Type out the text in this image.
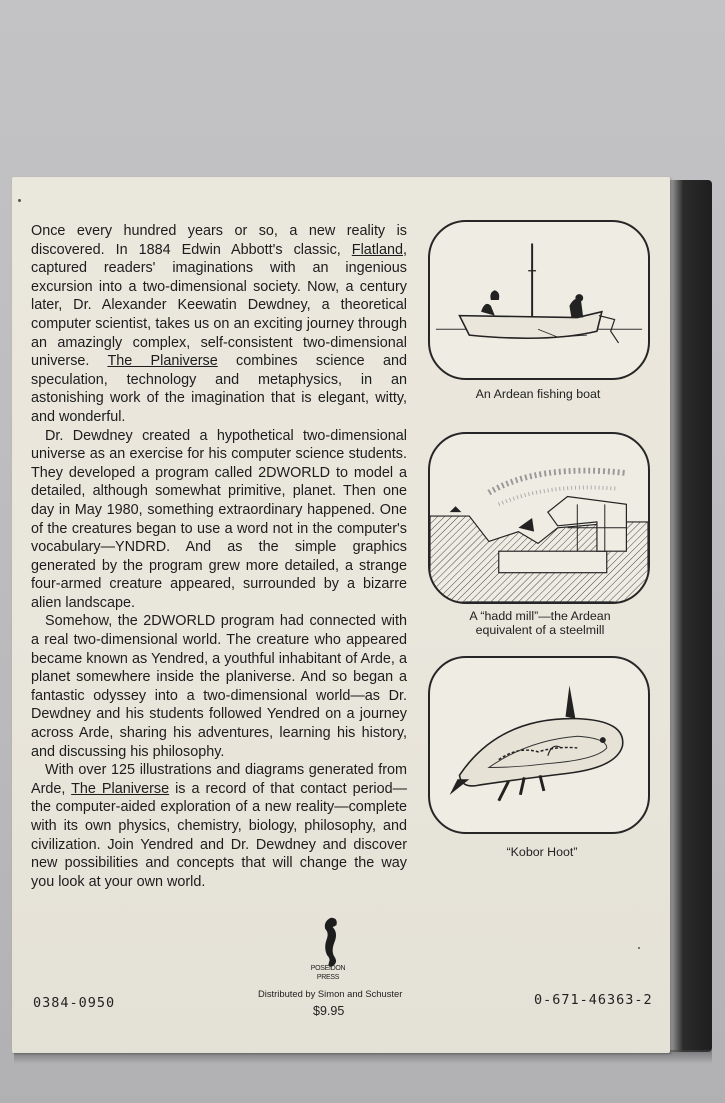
Once every hundred years or so, a new reality is discovered. In 1884 Edwin Abbott's classic, Flatland, captured readers' imaginations with an ingenious excursion into a two-dimensional society. Now, a century later, Dr. Alexander Keewatin Dewdney, a theoretical computer scientist, takes us on an exciting journey through an amazingly complex, self-consistent two-dimensional universe. The Planiverse combines science and speculation, technology and metaphysics, in an astonishing work of the imagination that is elegant, witty, and wonderful.

Dr. Dewdney created a hypothetical two-dimensional universe as an exercise for his computer science students. They developed a program called 2DWORLD to model a detailed, although somewhat primitive, planet. Then one day in May 1980, something extraordinary happened. One of the creatures began to use a word not in the computer's vocabulary—YNDRD. And as the simple graphics generated by the program grew more detailed, a strange four-armed creature appeared, surrounded by a bizarre alien landscape.

Somehow, the 2DWORLD program had connected with a real two-dimensional world. The creature who appeared became known as Yendred, a youthful inhabitant of Arde, a planet somewhere inside the planiverse. And so began a fantastic odyssey into a two-dimensional world—as Dr. Dewdney and his students followed Yendred on a journey across Arde, sharing his adventures, learning his history, and discussing his philosophy.

With over 125 illustrations and diagrams generated from Arde, The Planiverse is a record of that contact period—the computer-aided exploration of a new reality—complete with its own physics, chemistry, biology, philosophy, and civilization. Join Yendred and Dr. Dewdney and discover new possibilities and concepts that will change the way you look at your own world.

An Ardean fishing boat
A “hadd mill”—the Ardean
equivalent of a steelmill
“Kobor Hoot”
POSEIDON
PRESS
Distributed by Simon and Schuster
$9.95
0384-0950	0-671-46363-2
